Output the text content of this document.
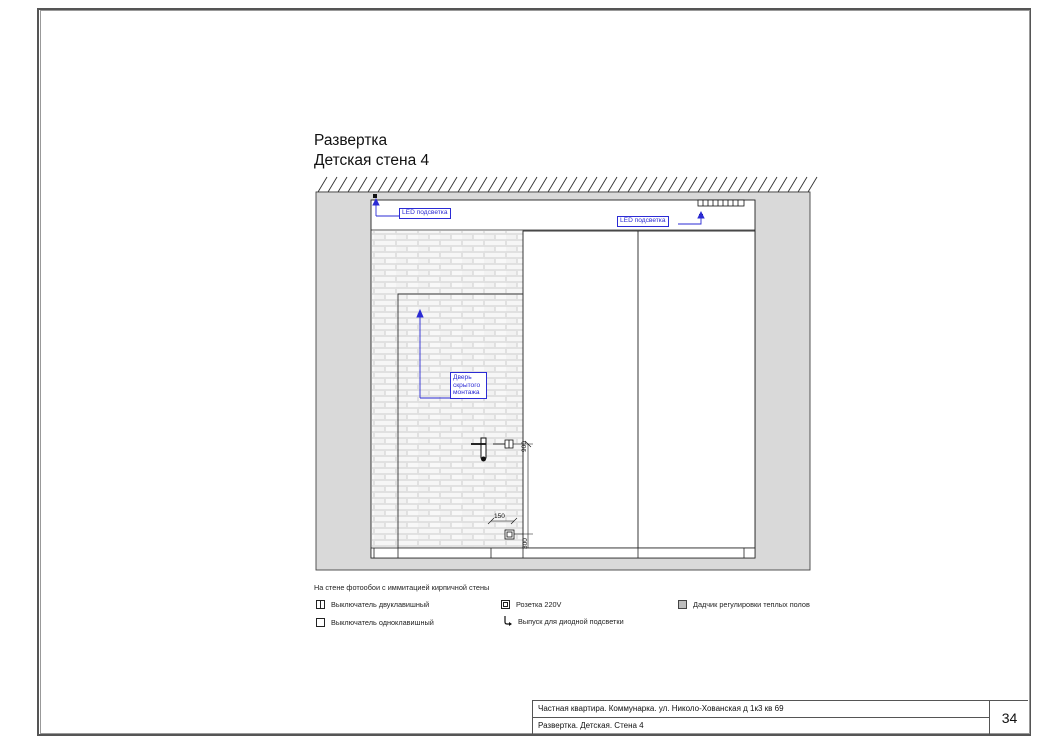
Развертка
Детская стена 4
LED подсветка
LED подсветка
Дверь
скрытого
монтажа
900
150
300
На стене фотообои с иммитацией кирпичной стены
Выключатель двуклавишный	Розетка 220V	Дадчик регулировки теплых полов
Выключатель одноклавишный	Выпуск для диодной подсветки
Частная квартира. Коммунарка. ул. Николо-Хованская д 1к3 кв 69
Развертка. Детская. Стена 4	34
